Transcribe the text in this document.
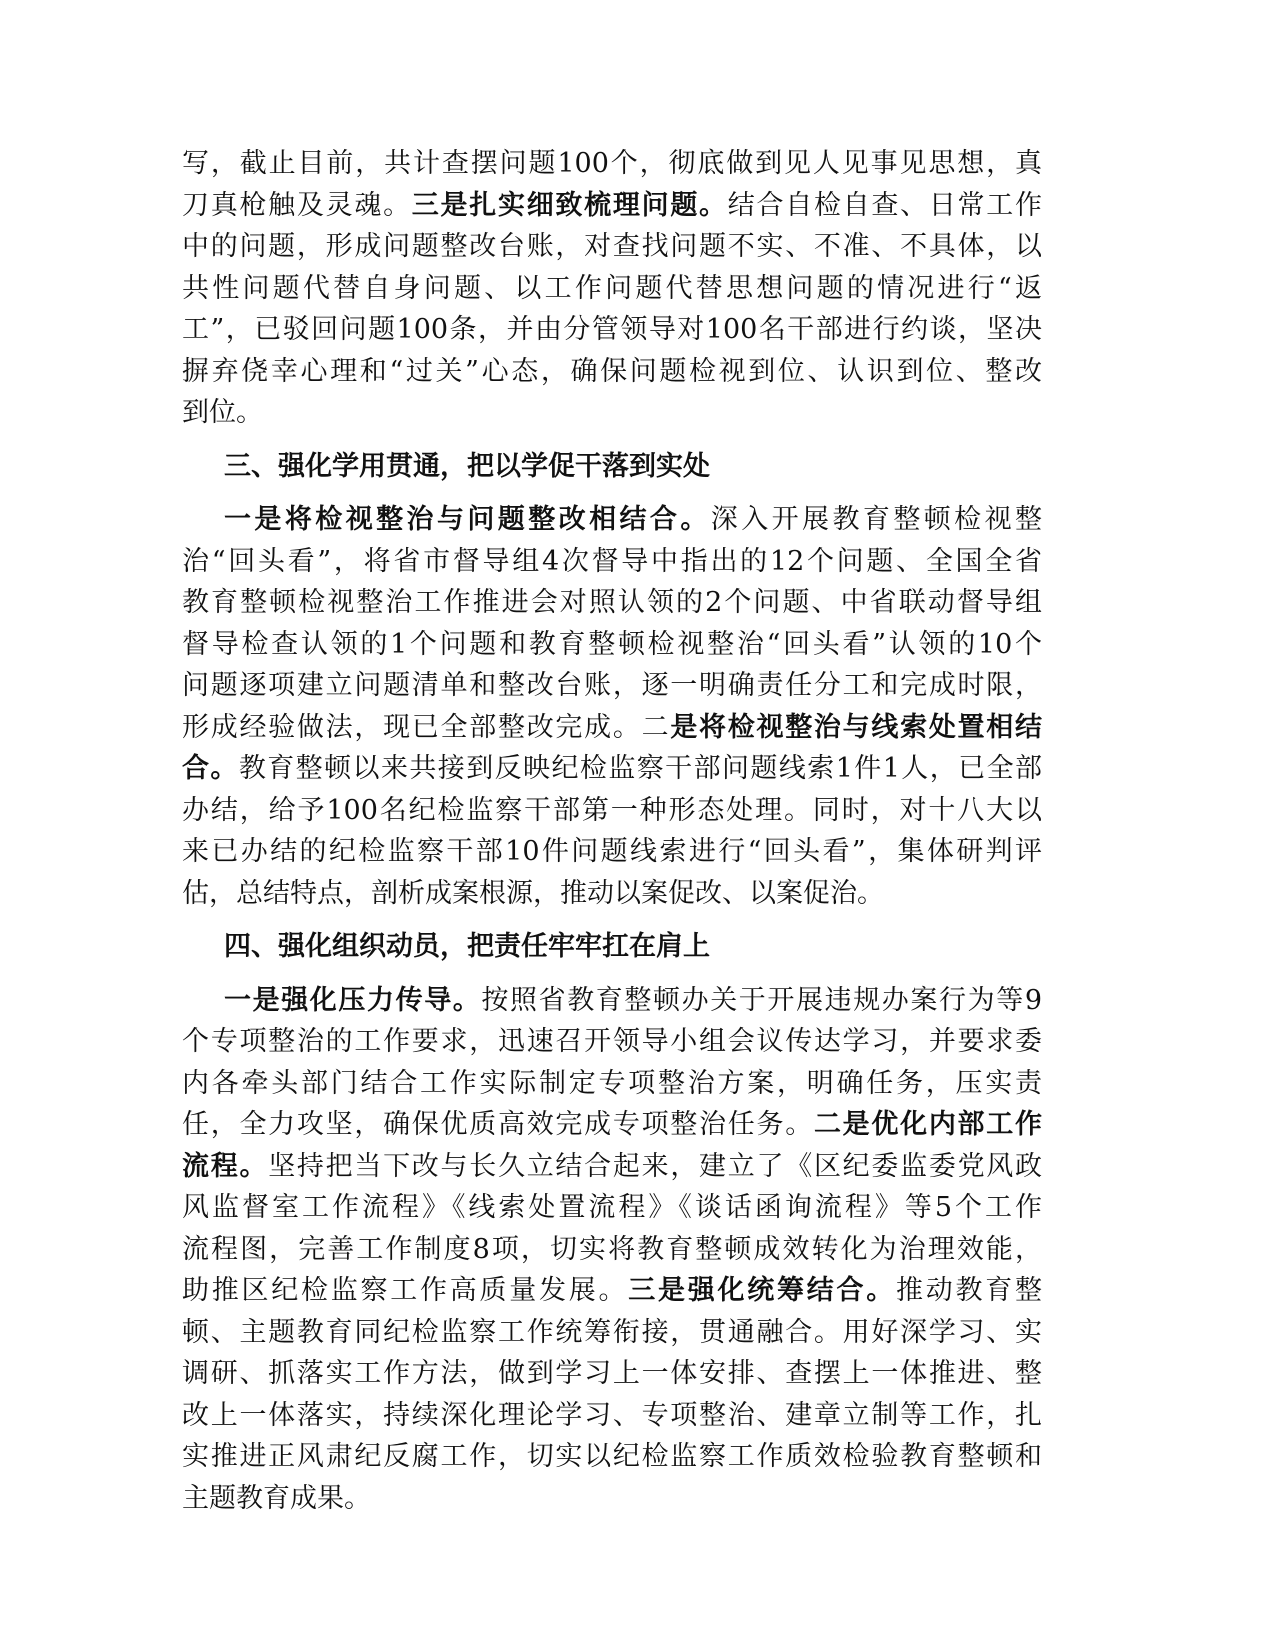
写，截止目前，共计查摆问题100个，彻底做到见人见事见思想，真
刀真枪触及灵魂。三是扎实细致梳理问题。结合自检自查、日常工作
中的问题，形成问题整改台账，对查找问题不实、不准、不具体，以
共性问题代替自身问题、以工作问题代替思想问题的情况进行“返
工”，已驳回问题100条，并由分管领导对100名干部进行约谈，坚决
摒弃侥幸心理和“过关”心态，确保问题检视到位、认识到位、整改
到位。
三、强化学用贯通，把以学促干落到实处
一是将检视整治与问题整改相结合。深入开展教育整顿检视整
治“回头看”，将省市督导组4次督导中指出的12个问题、全国全省
教育整顿检视整治工作推进会对照认领的2个问题、中省联动督导组
督导检查认领的1个问题和教育整顿检视整治“回头看”认领的10个
问题逐项建立问题清单和整改台账，逐一明确责任分工和完成时限，
形成经验做法，现已全部整改完成。二是将检视整治与线索处置相结
合。教育整顿以来共接到反映纪检监察干部问题线索1件1人，已全部
办结，给予100名纪检监察干部第一种形态处理。同时，对十八大以
来已办结的纪检监察干部10件问题线索进行“回头看”，集体研判评
估，总结特点，剖析成案根源，推动以案促改、以案促治。
四、强化组织动员，把责任牢牢扛在肩上
一是强化压力传导。按照省教育整顿办关于开展违规办案行为等9
个专项整治的工作要求，迅速召开领导小组会议传达学习，并要求委
内各牵头部门结合工作实际制定专项整治方案，明确任务，压实责
任，全力攻坚，确保优质高效完成专项整治任务。二是优化内部工作
流程。坚持把当下改与长久立结合起来，建立了《区纪委监委党风政
风监督室工作流程》《线索处置流程》《谈话函询流程》等5个工作
流程图，完善工作制度8项，切实将教育整顿成效转化为治理效能，
助推区纪检监察工作高质量发展。三是强化统筹结合。推动教育整
顿、主题教育同纪检监察工作统筹衔接，贯通融合。用好深学习、实
调研、抓落实工作方法，做到学习上一体安排、查摆上一体推进、整
改上一体落实，持续深化理论学习、专项整治、建章立制等工作，扎
实推进正风肃纪反腐工作，切实以纪检监察工作质效检验教育整顿和
主题教育成果。
